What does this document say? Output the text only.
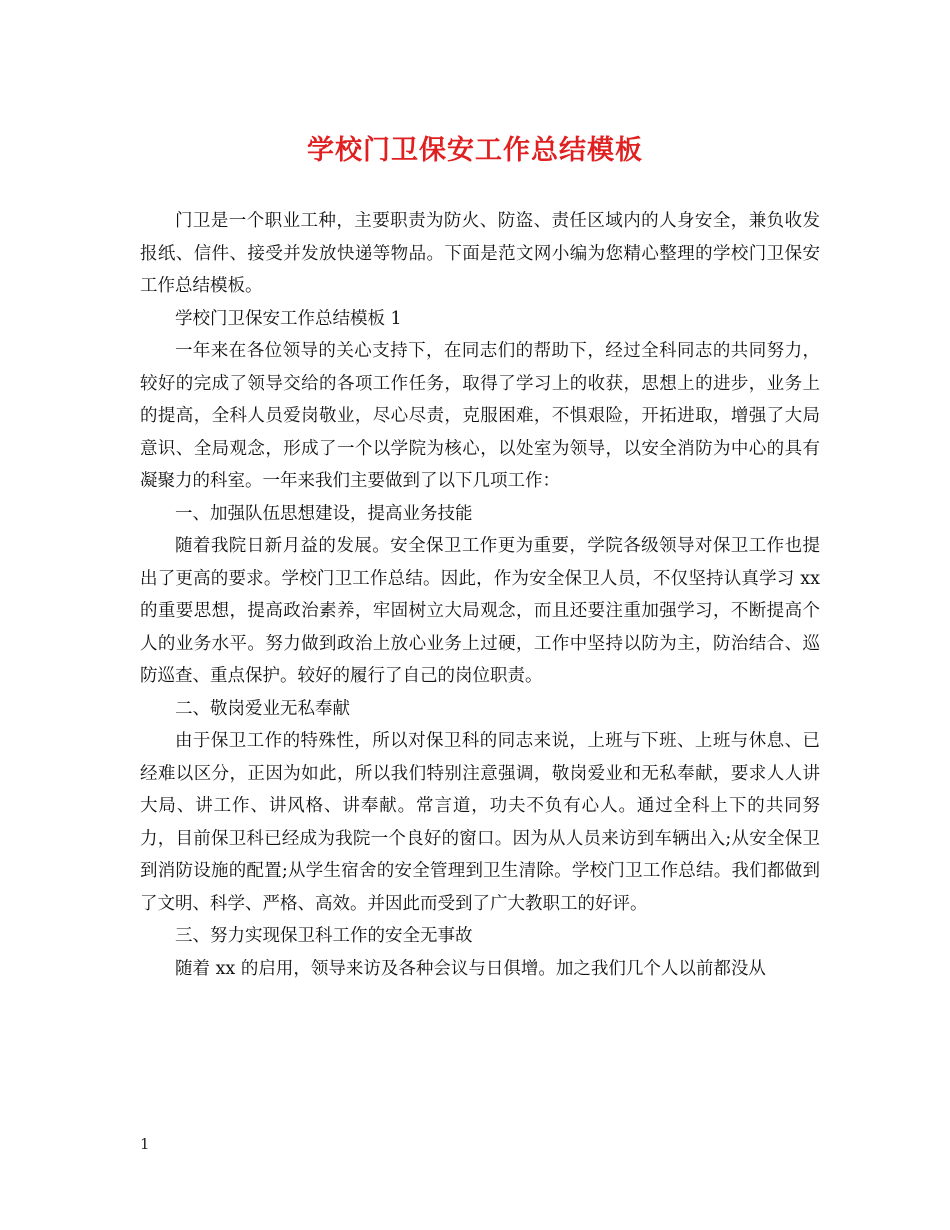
学校门卫保安工作总结模板

门卫是一个职业工种，主要职责为防火、防盗、责任区域内的人身安全，兼负收发报纸、信件、接受并发放快递等物品。下面是范文网小编为您精心整理的学校门卫保安工作总结模板。

学校门卫保安工作总结模板 1

一年来在各位领导的关心支持下，在同志们的帮助下，经过全科同志的共同努力，较好的完成了领导交给的各项工作任务，取得了学习上的收获，思想上的进步，业务上的提高，全科人员爱岗敬业，尽心尽责，克服困难，不惧艰险，开拓进取，增强了大局意识、全局观念，形成了一个以学院为核心，以处室为领导，以安全消防为中心的具有凝聚力的科室。一年来我们主要做到了以下几项工作：

一、加强队伍思想建设，提高业务技能

随着我院日新月益的发展。安全保卫工作更为重要，学院各级领导对保卫工作也提出了更高的要求。学校门卫工作总结。因此，作为安全保卫人员，不仅坚持认真学习 xx 的重要思想，提高政治素养，牢固树立大局观念，而且还要注重加强学习，不断提高个人的业务水平。努力做到政治上放心业务上过硬，工作中坚持以防为主，防治结合、巡防巡查、重点保护。较好的履行了自己的岗位职责。

二、敬岗爱业无私奉献

由于保卫工作的特殊性，所以对保卫科的同志来说，上班与下班、上班与休息、已经难以区分，正因为如此，所以我们特别注意强调，敬岗爱业和无私奉献，要求人人讲大局、讲工作、讲风格、讲奉献。常言道，功夫不负有心人。通过全科上下的共同努力，目前保卫科已经成为我院一个良好的窗口。因为从人员来访到车辆出入;从安全保卫到消防设施的配置;从学生宿舍的安全管理到卫生清除。学校门卫工作总结。我们都做到了文明、科学、严格、高效。并因此而受到了广大教职工的好评。

三、努力实现保卫科工作的安全无事故

随着 xx 的启用，领导来访及各种会议与日俱增。加之我们几个人以前都没从

1
